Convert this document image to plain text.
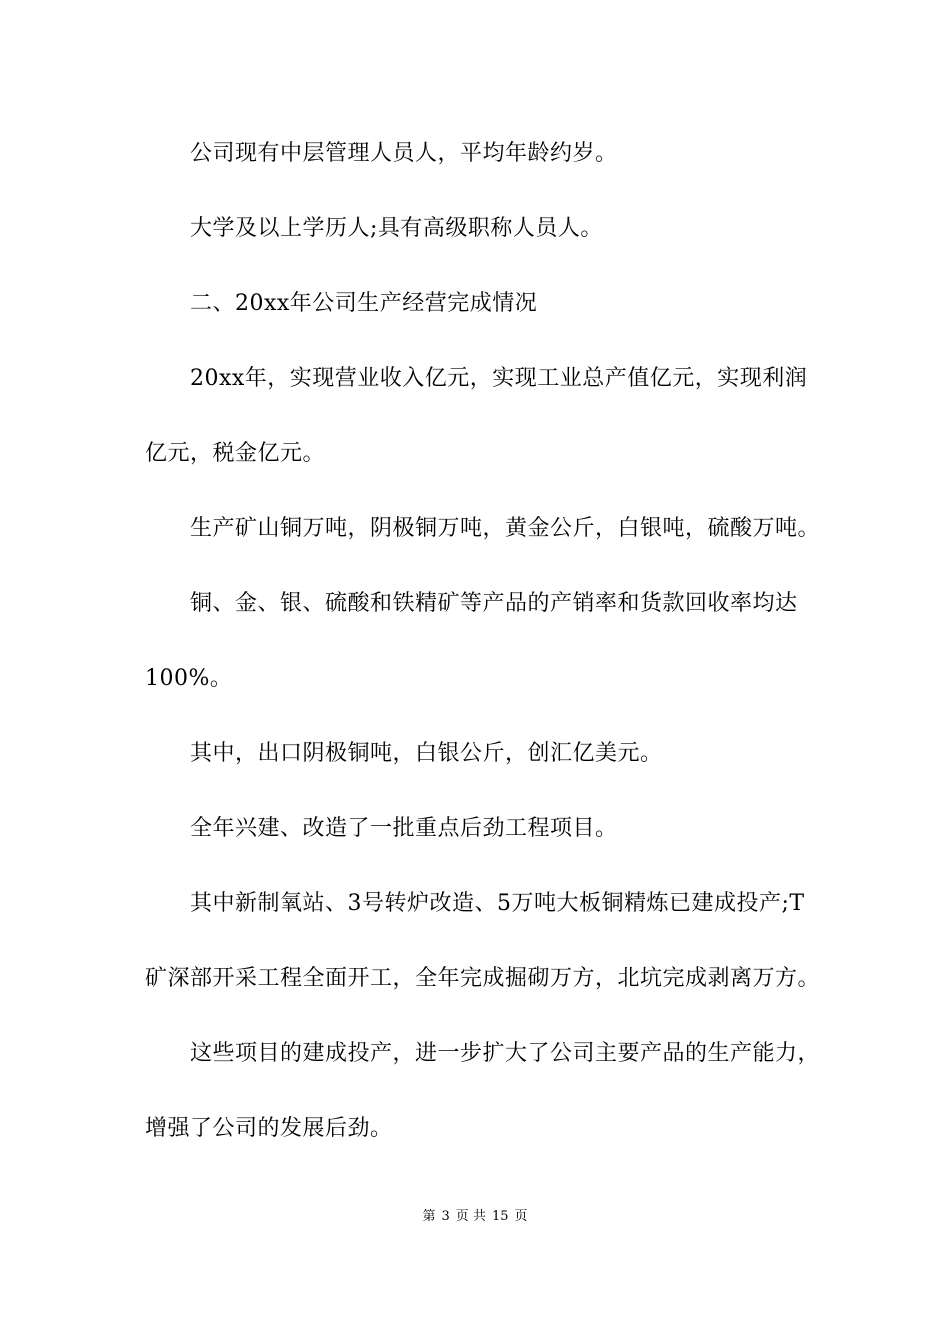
公司现有中层管理人员人，平均年龄约岁。
大学及以上学历人;具有高级职称人员人。
二、20xx年公司生产经营完成情况
20xx年，实现营业收入亿元，实现工业总产值亿元，实现利润
亿元，税金亿元。
生产矿山铜万吨，阴极铜万吨，黄金公斤，白银吨，硫酸万吨。
铜、金、银、硫酸和铁精矿等产品的产销率和货款回收率均达
100%。
其中，出口阴极铜吨，白银公斤，创汇亿美元。
全年兴建、改造了一批重点后劲工程项目。
其中新制氧站、3号转炉改造、5万吨大板铜精炼已建成投产;T
矿深部开采工程全面开工，全年完成掘砌万方，北坑完成剥离万方。
这些项目的建成投产，进一步扩大了公司主要产品的生产能力，
增强了公司的发展后劲。
第 3 页 共 15 页
